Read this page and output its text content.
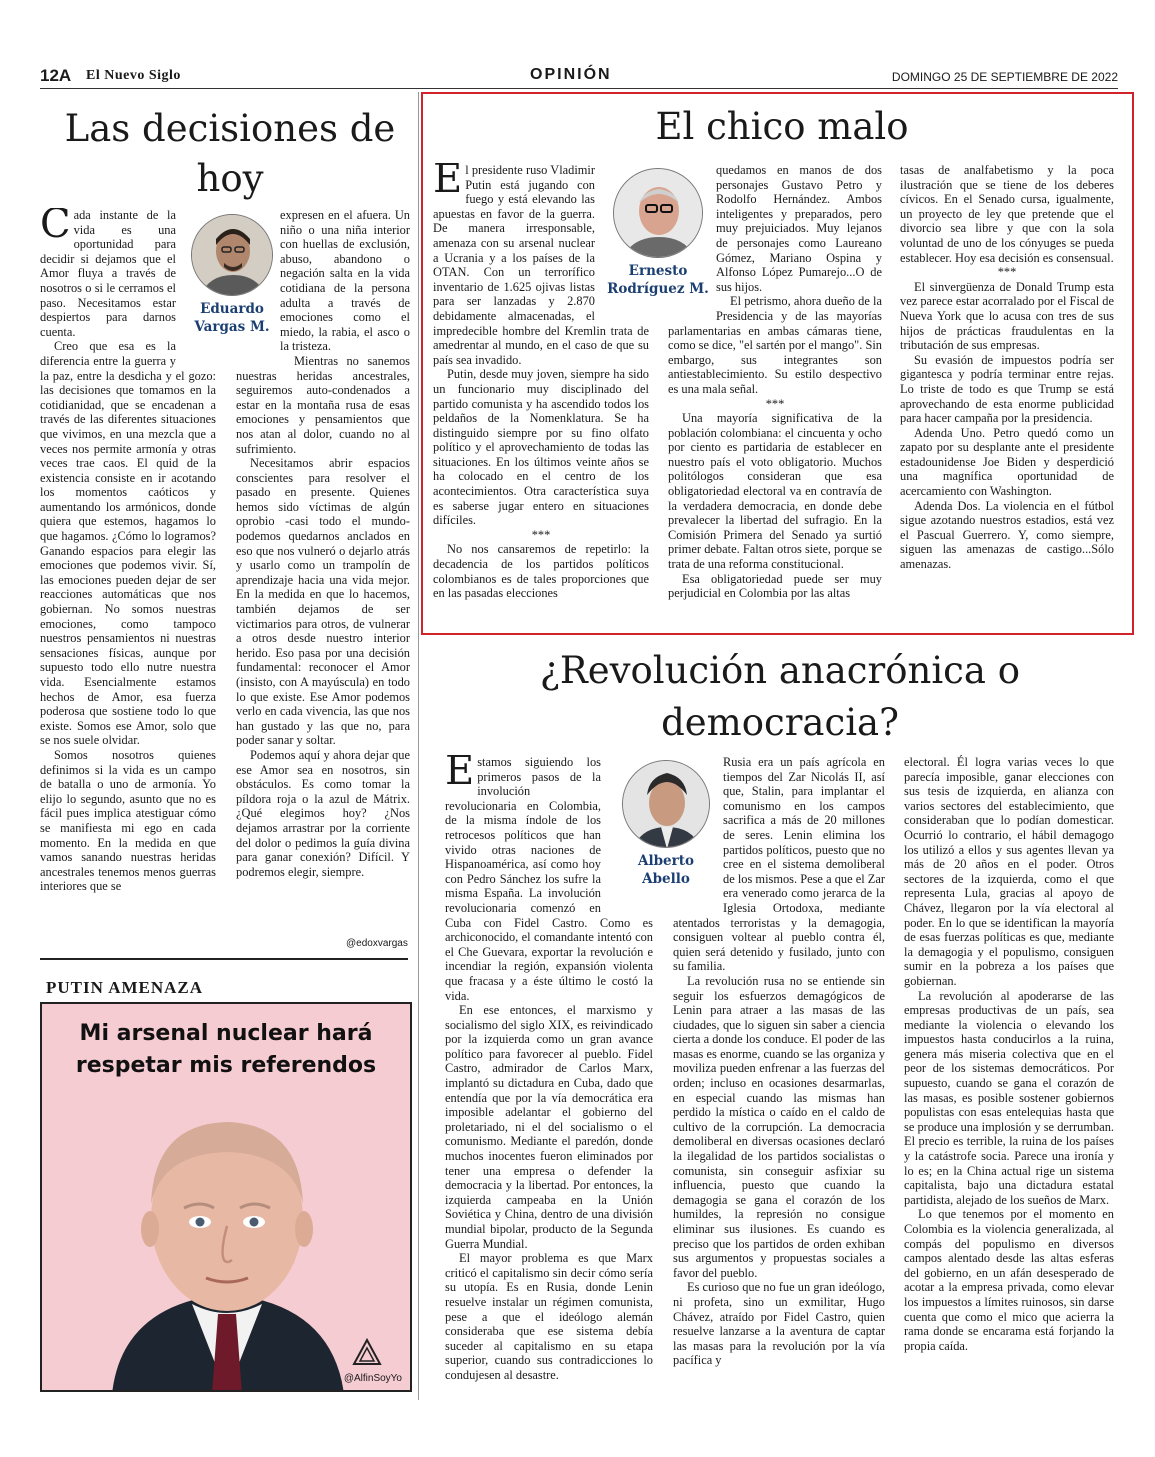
12A El Nuevo Siglo	OPINIÓN	DOMINGO 25 DE SEPTIEMBRE DE 2022
Las decisiones de hoy
Eduardo Vargas M.

Cada instante de la vida es una oportunidad para decidir si dejamos que el Amor fluya a través de nosotros o si le cerramos el paso. Necesitamos estar despiertos para darnos cuenta.

Creo que esa es la diferencia entre la guerra y la paz, entre la desdicha y el gozo: las decisiones que tomamos en la cotidianidad, que se encadenan a través de las diferentes situaciones que vivimos, en una mezcla que a veces nos permite armonía y otras veces trae caos. El quid de la existencia consiste en ir acotando los momentos caóticos y aumentando los armónicos, donde quiera que estemos, hagamos lo que hagamos. ¿Cómo lo logramos? Ganando espacios para elegir las emociones que podemos vivir. Sí, las emociones pueden dejar de ser reacciones automáticas que nos gobiernan. No somos nuestras emociones, como tampoco nuestros pensamientos ni nuestras sensaciones físicas, aunque por supuesto todo ello nutre nuestra vida. Esencialmente estamos hechos de Amor, esa fuerza poderosa que sostiene todo lo que existe. Somos ese Amor, solo que se nos suele olvidar.

Somos nosotros quienes definimos si la vida es un campo de batalla o uno de armonía. Yo elijo lo segundo, asunto que no es fácil pues implica atestiguar cómo se manifiesta mi ego en cada momento. En la medida en que vamos sanando nuestras heridas ancestrales tenemos menos guerras interiores que se

expresen en el afuera. Un niño o una niña interior con huellas de exclusión, abuso, abandono o negación salta en la vida cotidiana de la persona adulta a través de emociones como el miedo, la rabia, el asco o la tristeza.

Mientras no sanemos nuestras heridas ancestrales, seguiremos auto-condenados a estar en la montaña rusa de esas emociones y pensamientos que nos atan al dolor, cuando no al sufrimiento.

Necesitamos abrir espacios conscientes para resolver el pasado en presente. Quienes hemos sido víctimas de algún oprobio -casi todo el mundo- podemos quedarnos anclados en eso que nos vulneró o dejarlo atrás y usarlo como un trampolín de aprendizaje hacia una vida mejor. En la medida en que lo hacemos, también dejamos de ser victimarios para otros, de vulnerar a otros desde nuestro interior herido. Eso pasa por una decisión fundamental: reconocer el Amor (insisto, con A mayúscula) en todo lo que existe. Ese Amor podemos verlo en cada vivencia, las que nos han gustado y las que no, para poder sanar y soltar.

Podemos aquí y ahora dejar que ese Amor sea en nosotros, sin obstáculos. Es como tomar la píldora roja o la azul de Mátrix. ¿Qué elegimos hoy? ¿Nos dejamos arrastrar por la corriente del dolor o pedimos la guía divina para ganar conexión? Difícil. Y podremos elegir, siempre.

@edoxvargas
PUTIN AMENAZA
Mi arsenal nuclear hará
respetar mis referendos
@AlfinSoyYo
El chico malo
Ernesto Rodríguez M.

El presidente ruso Vladimir Putin está jugando con fuego y está elevando las apuestas en favor de la guerra. De manera irresponsable, amenaza con su arsenal nuclear a Ucrania y a los países de la OTAN. Con un terrorífico inventario de 1.625 ojivas listas para ser lanzadas y 2.870 debidamente almacenadas, el impredecible hombre del Kremlin trata de amedrentar al mundo, en el caso de que su país sea invadido.

Putin, desde muy joven, siempre ha sido un funcionario muy disciplinado del partido comunista y ha ascendido todos los peldaños de la Nomenklatura. Se ha distinguido siempre por su fino olfato político y el aprovechamiento de todas las situaciones. En los últimos veinte años se ha colocado en el centro de los acontecimientos. Otra característica suya es saberse jugar entero en situaciones difíciles.

***

No nos cansaremos de repetirlo: la decadencia de los partidos políticos colombianos es de tales proporciones que en las pasadas elecciones

quedamos en manos de dos personajes Gustavo Petro y Rodolfo Hernández. Ambos inteligentes y preparados, pero muy prejuiciados. Muy lejanos de personajes como Laureano Gómez, Mariano Ospina y Alfonso López Pumarejo...O de sus hijos.

El petrismo, ahora dueño de la Presidencia y de las mayorías parlamentarias en ambas cámaras tiene, como se dice, "el sartén por el mango". Sin embargo, sus integrantes son antiestablecimiento. Su estilo despectivo es una mala señal.

***

Una mayoría significativa de la población colombiana: el cincuenta y ocho por ciento es partidaria de establecer en nuestro país el voto obligatorio. Muchos politólogos consideran que esa obligatoriedad electoral va en contravía de la verdadera democracia, en donde debe prevalecer la libertad del sufragio. En la Comisión Primera del Senado ya surtió primer debate. Faltan otros siete, porque se trata de una reforma constitucional.

Esa obligatoriedad puede ser muy perjudicial en Colombia por las altas

tasas de analfabetismo y la poca ilustración que se tiene de los deberes cívicos. En el Senado cursa, igualmente, un proyecto de ley que pretende que el divorcio sea libre y que con la sola voluntad de uno de los cónyuges se pueda establecer. Hoy esa decisión es consensual.

***

El sinvergüenza de Donald Trump esta vez parece estar acorralado por el Fiscal de Nueva York que lo acusa con tres de sus hijos de prácticas fraudulentas en la tributación de sus empresas.

Su evasión de impuestos podría ser gigantesca y podría terminar entre rejas. Lo triste de todo es que Trump se está aprovechando de esta enorme publicidad para hacer campaña por la presidencia.

Adenda Uno. Petro quedó como un zapato por su desplante ante el presidente estadounidense Joe Biden y desperdició una magnífica oportunidad de acercamiento con Washington.

Adenda Dos. La violencia en el fútbol sigue azotando nuestros estadios, está vez el Pascual Guerrero. Y, como siempre, siguen las amenazas de castigo...Sólo amenazas.

¿Revolución anacrónica o democracia?
Alberto Abello

Estamos siguiendo los primeros pasos de la involución revolucionaria en Colombia, de la misma índole de los retrocesos políticos que han vivido otras naciones de Hispanoamérica, así como hoy con Pedro Sánchez los sufre la misma España. La involución revolucionaria comenzó en Cuba con Fidel Castro. Como es archiconocido, el comandante intentó con el Che Guevara, exportar la revolución e incendiar la región, expansión violenta que fracasa y a éste último le costó la vida.

En ese entonces, el marxismo y socialismo del siglo XIX, es reivindicado por la izquierda como un gran avance político para favorecer al pueblo. Fidel Castro, admirador de Carlos Marx, implantó su dictadura en Cuba, dado que entendía que por la vía democrática era imposible adelantar el gobierno del proletariado, ni el del socialismo o el comunismo. Mediante el paredón, donde muchos inocentes fueron eliminados por tener una empresa o defender la democracia y la libertad. Por entonces, la izquierda campeaba en la Unión Soviética y China, dentro de una división mundial bipolar, producto de la Segunda Guerra Mundial.

El mayor problema es que Marx criticó el capitalismo sin decir cómo sería su utopía. Es en Rusia, donde Lenin resuelve instalar un régimen comunista, pese a que el ideólogo alemán consideraba que ese sistema debía suceder al capitalismo en su etapa superior, cuando sus contradicciones lo condujesen al desastre.

Rusia era un país agrícola en tiempos del Zar Nicolás II, así que, Stalin, para implantar el comunismo en los campos sacrifica a más de 20 millones de seres. Lenin elimina los partidos políticos, puesto que no cree en el sistema demoliberal de los mismos. Pese a que el Zar era venerado como jerarca de la Iglesia Ortodoxa, mediante atentados terroristas y la demagogia, consiguen voltear al pueblo contra él, quien será detenido y fusilado, junto con su familia.

La revolución rusa no se entiende sin seguir los esfuerzos demagógicos de Lenin para atraer a las masas de las ciudades, que lo siguen sin saber a ciencia cierta a donde los conduce. El poder de las masas es enorme, cuando se las organiza y moviliza pueden enfrenar a las fuerzas del orden; incluso en ocasiones desarmarlas, en especial cuando las mismas han perdido la mística o caído en el caldo de cultivo de la corrupción. La democracia demoliberal en diversas ocasiones declaró la ilegalidad de los partidos socialistas o comunista, sin conseguir asfixiar su influencia, puesto que cuando la demagogia se gana el corazón de los humildes, la represión no consigue eliminar sus ilusiones. Es cuando es preciso que los partidos de orden exhiban sus argumentos y propuestas sociales a favor del pueblo.

Es curioso que no fue un gran ideólogo, ni profeta, sino un exmilitar, Hugo Chávez, atraído por Fidel Castro, quien resuelve lanzarse a la aventura de captar las masas para la revolución por la vía pacífica y

electoral. Él logra varias veces lo que parecía imposible, ganar elecciones con sus tesis de izquierda, en alianza con varios sectores del establecimiento, que consideraban que lo podían domesticar. Ocurrió lo contrario, el hábil demagogo los utilizó a ellos y sus agentes llevan ya más de 20 años en el poder. Otros sectores de la izquierda, como el que representa Lula, gracias al apoyo de Chávez, llegaron por la vía electoral al poder. En lo que se identifican la mayoría de esas fuerzas políticas es que, mediante la demagogia y el populismo, consiguen sumir en la pobreza a los países que gobiernan.

La revolución al apoderarse de las empresas productivas de un país, sea mediante la violencia o elevando los impuestos hasta conducirlos a la ruina, genera más miseria colectiva que en el peor de los sistemas democráticos. Por supuesto, cuando se gana el corazón de las masas, es posible sostener gobiernos populistas con esas entelequias hasta que se produce una implosión y se derrumban. El precio es terrible, la ruina de los países y la catástrofe socia. Parece una ironía y lo es; en la China actual rige un sistema capitalista, bajo una dictadura estatal partidista, alejado de los sueños de Marx.

Lo que tenemos por el momento en Colombia es la violencia generalizada, al compás del populismo en diversos campos alentado desde las altas esferas del gobierno, en un afán desesperado de acotar a la empresa privada, como elevar los impuestos a límites ruinosos, sin darse cuenta que como el mico que acierra la rama donde se encarama está forjando la propia caída.
